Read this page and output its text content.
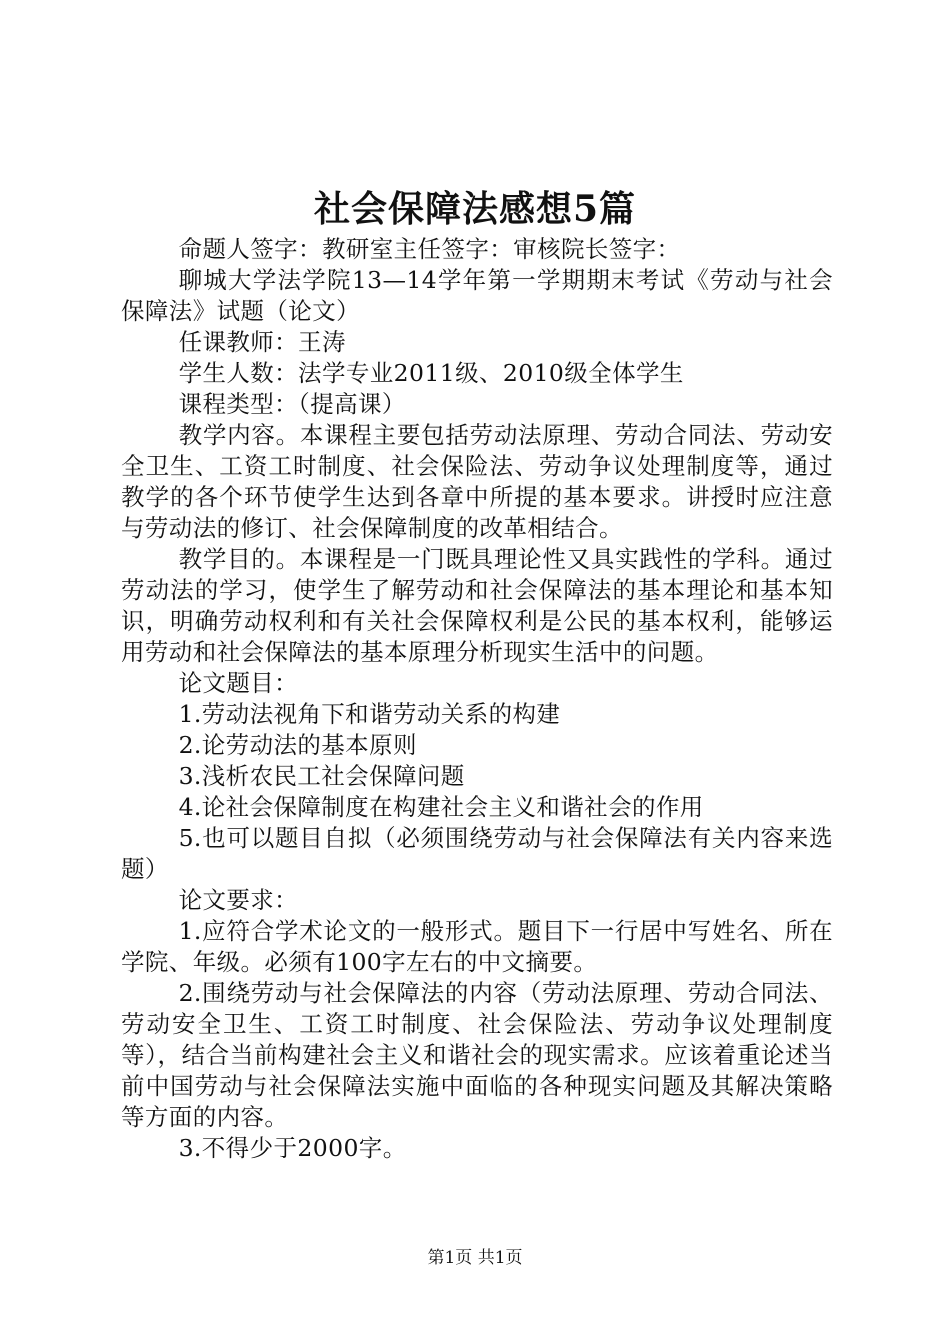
社会保障法感想5篇

命题人签字：教研室主任签字：审核院长签字：

聊城大学法学院13—14学年第一学期期末考试《劳动与社会保障法》试题（论文）

任课教师：王涛

学生人数：法学专业2011级、2010级全体学生

课程类型：（提高课）

教学内容。本课程主要包括劳动法原理、劳动合同法、劳动安全卫生、工资工时制度、社会保险法、劳动争议处理制度等，通过教学的各个环节使学生达到各章中所提的基本要求。讲授时应注意与劳动法的修订、社会保障制度的改革相结合。

教学目的。本课程是一门既具理论性又具实践性的学科。通过劳动法的学习，使学生了解劳动和社会保障法的基本理论和基本知识，明确劳动权利和有关社会保障权利是公民的基本权利，能够运用劳动和社会保障法的基本原理分析现实生活中的问题。

论文题目：

1.劳动法视角下和谐劳动关系的构建

2.论劳动法的基本原则

3.浅析农民工社会保障问题

4.论社会保障制度在构建社会主义和谐社会的作用

5.也可以题目自拟（必须围绕劳动与社会保障法有关内容来选题）

论文要求：

1.应符合学术论文的一般形式。题目下一行居中写姓名、所在学院、年级。必须有100字左右的中文摘要。

2.围绕劳动与社会保障法的内容（劳动法原理、劳动合同法、劳动安全卫生、工资工时制度、社会保险法、劳动争议处理制度等），结合当前构建社会主义和谐社会的现实需求。应该着重论述当前中国劳动与社会保障法实施中面临的各种现实问题及其解决策略等方面的内容。

3.不得少于2000字。

第1页 共1页
